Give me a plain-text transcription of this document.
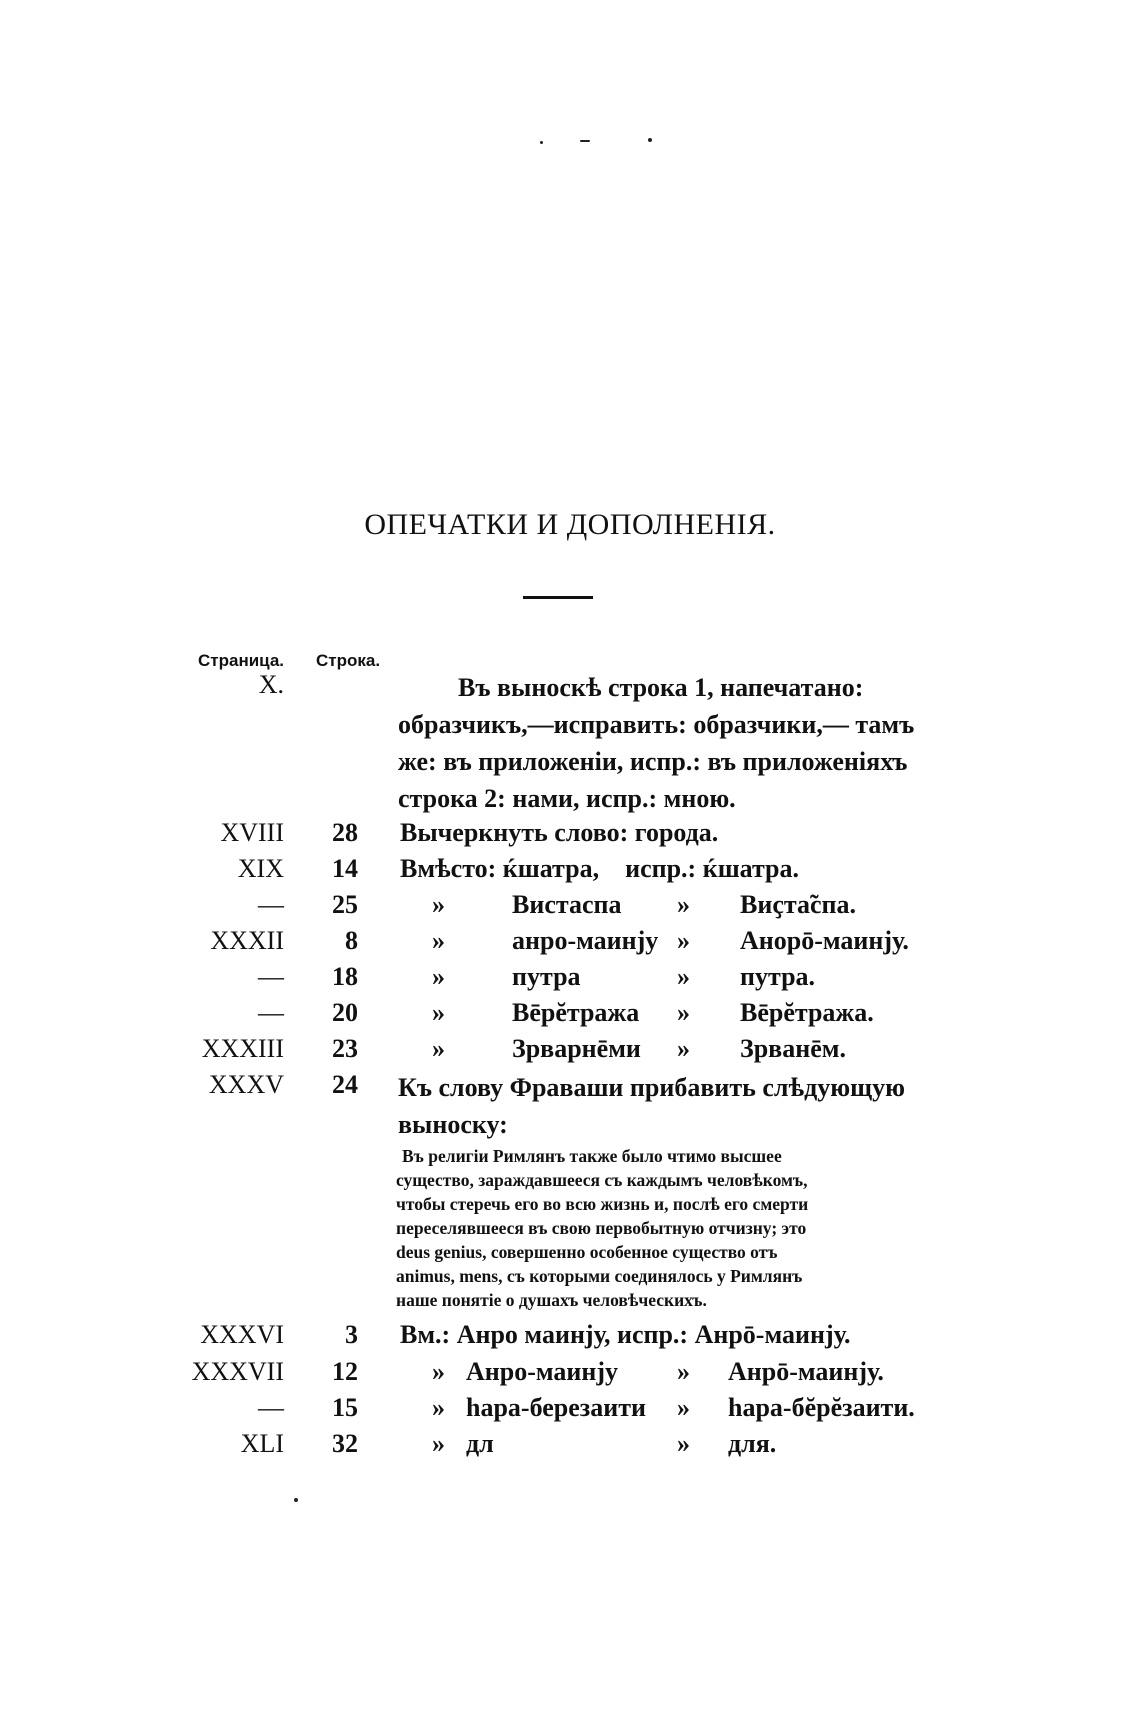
ОПЕЧАТКИ И ДОПОЛНЕНІЯ.
Страница. Строка.
X.	Въ выноскѣ строка 1, напечатано:
образчикъ,—исправить: образчики,— тамъ
же: въ приложеніи, испр.: въ приложеніяхъ
строка 2: нами, испр.: мною.
XVIII 28 Вычеркнуть слово: города.
XIX 14 Вмѣсто: ќшатра,    испр.: ќшатра.
— 25	»	Вистаспа » Виҫта̃спа.
XXXII 8	»	анро-маинју » Анорō-маинју.
— 18	»	путра	» путра.
— 20	»	Вēрĕтража » Вēрĕтража.
XXXIII 23	»	Зрварнēми » Зрванēм.
XXXV 24 Къ слову Фраваши прибавить слѣдующую
выноску:
Въ религіи Римлянъ также было чтимо высшее
существо, зараждавшееся съ каждымъ человѣкомъ,
чтобы стеречь его во всю жизнь и, послѣ его смерти
переселявшееся въ свою первобытную отчизну; это
deus genius, совершенно особенное существо отъ
animus, mens, съ которыми соединялось у Римлянъ
наше понятіе о душахъ человѣческихъ.
XXXVI 3 Вм.: Анро маинју, испр.: Анрō-маинју.
XXXVII 12	» Анро-маинју » Анрō-маинју.
— 15	» һара-березаити » һара-бĕрĕзаити.
XLI 32	» дл	» для.
